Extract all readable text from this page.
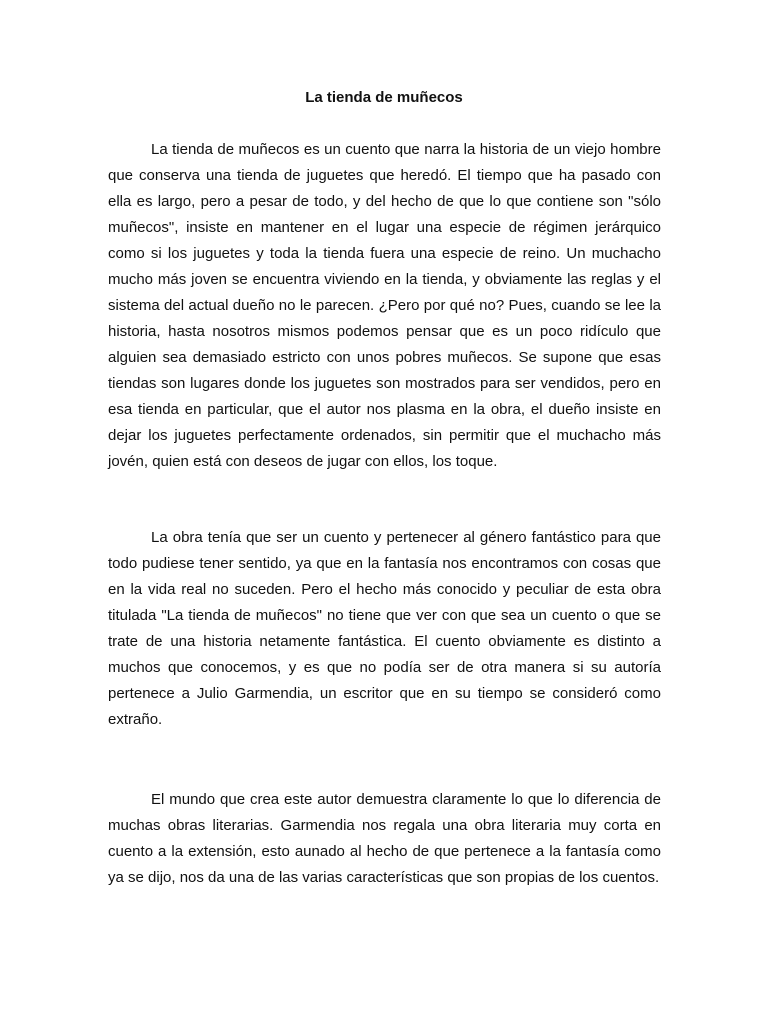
La tienda de muñecos
La tienda de muñecos es un cuento que narra la historia de un viejo hombre
que conserva una tienda de juguetes que heredó. El tiempo que ha pasado con
ella es largo, pero a pesar de todo, y del hecho de que lo que contiene son "sólo
muñecos", insiste en mantener en el lugar una especie de régimen jerárquico
como si los juguetes y toda la tienda fuera una especie de reino. Un muchacho
mucho más joven se encuentra viviendo en la tienda, y obviamente las reglas y el
sistema del actual dueño no le parecen. ¿Pero por qué no? Pues, cuando se lee la
historia, hasta nosotros mismos podemos pensar que es un poco ridículo que
alguien sea demasiado estricto con unos pobres muñecos. Se supone que esas
tiendas son lugares donde los juguetes son mostrados para ser vendidos, pero en
esa tienda en particular, que el autor nos plasma en la obra, el dueño insiste en
dejar los juguetes perfectamente ordenados, sin permitir que el muchacho más
jovén, quien está con deseos de jugar con ellos, los toque.
La obra tenía que ser un cuento y pertenecer al género fantástico para que
todo pudiese tener sentido, ya que en la fantasía nos encontramos con cosas que
en la vida real no suceden. Pero el hecho más conocido y peculiar de esta obra
titulada "La tienda de muñecos" no tiene que ver con que sea un cuento o que se
trate de una historia netamente fantástica. El cuento obviamente es distinto a
muchos que conocemos, y es que no podía ser de otra manera si su autoría
pertenece a Julio Garmendia, un escritor que en su tiempo se consideró como
extraño.
El mundo que crea este autor demuestra claramente lo que lo diferencia de
muchas obras literarias. Garmendia nos regala una obra literaria muy corta en
cuento a la extensión, esto aunado al hecho de que pertenece a la fantasía como
ya se dijo, nos da una de las varias características que son propias de los cuentos.
